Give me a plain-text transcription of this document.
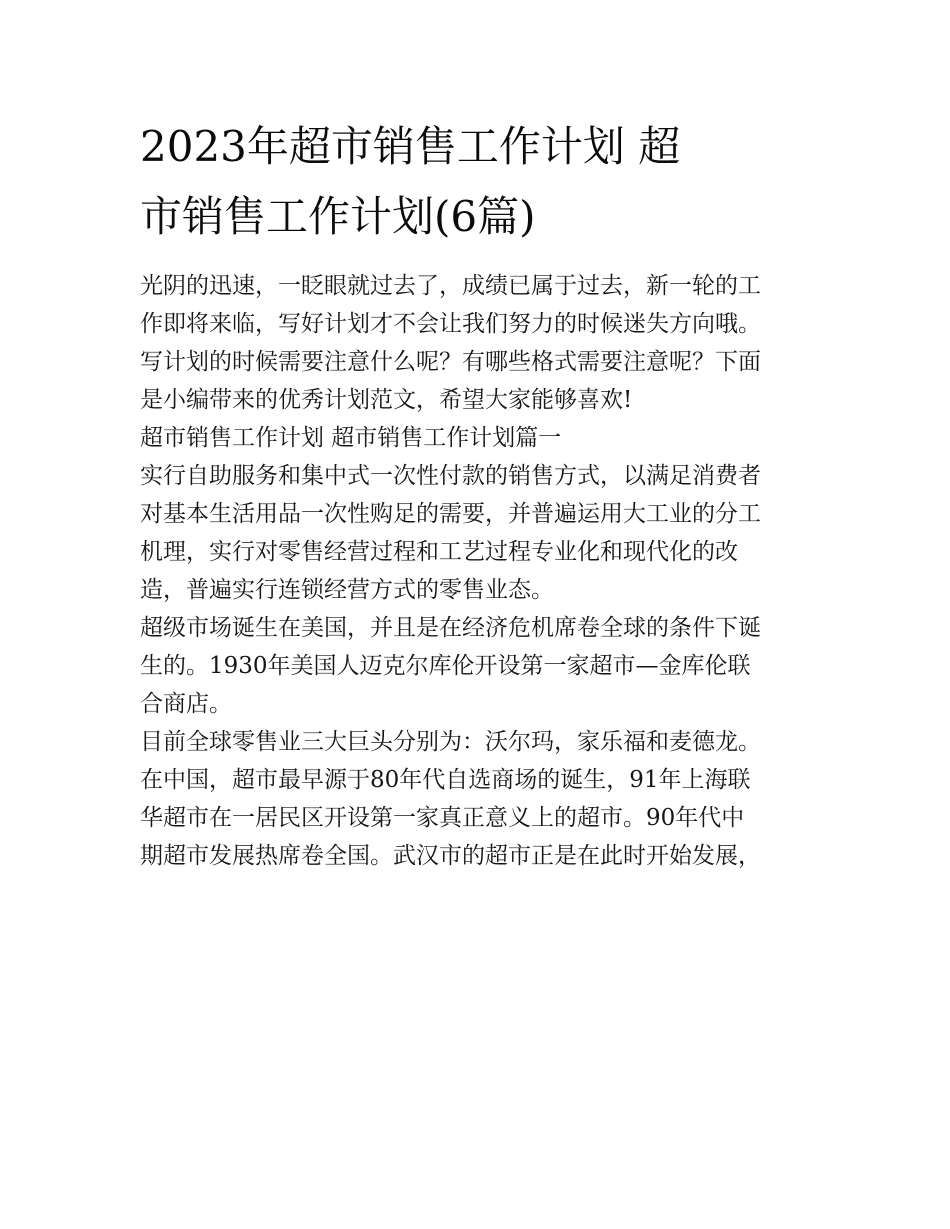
2023年超市销售工作计划 超
市销售工作计划(6篇)

光阴的迅速，一眨眼就过去了，成绩已属于过去，新一轮的工

作即将来临，写好计划才不会让我们努力的时候迷失方向哦。

写计划的时候需要注意什么呢？有哪些格式需要注意呢？下面

是小编带来的优秀计划范文，希望大家能够喜欢!

超市销售工作计划 超市销售工作计划篇一

实行自助服务和集中式一次性付款的销售方式，以满足消费者

对基本生活用品一次性购足的需要，并普遍运用大工业的分工

机理，实行对零售经营过程和工艺过程专业化和现代化的改

造，普遍实行连锁经营方式的零售业态。

超级市场诞生在美国，并且是在经济危机席卷全球的条件下诞

生的。1930年美国人迈克尔库伦开设第一家超市—金库伦联

合商店。

目前全球零售业三大巨头分别为：沃尔玛，家乐福和麦德龙。

在中国，超市最早源于80年代自选商场的诞生，91年上海联

华超市在一居民区开设第一家真正意义上的超市。90年代中

期超市发展热席卷全国。武汉市的超市正是在此时开始发展，
